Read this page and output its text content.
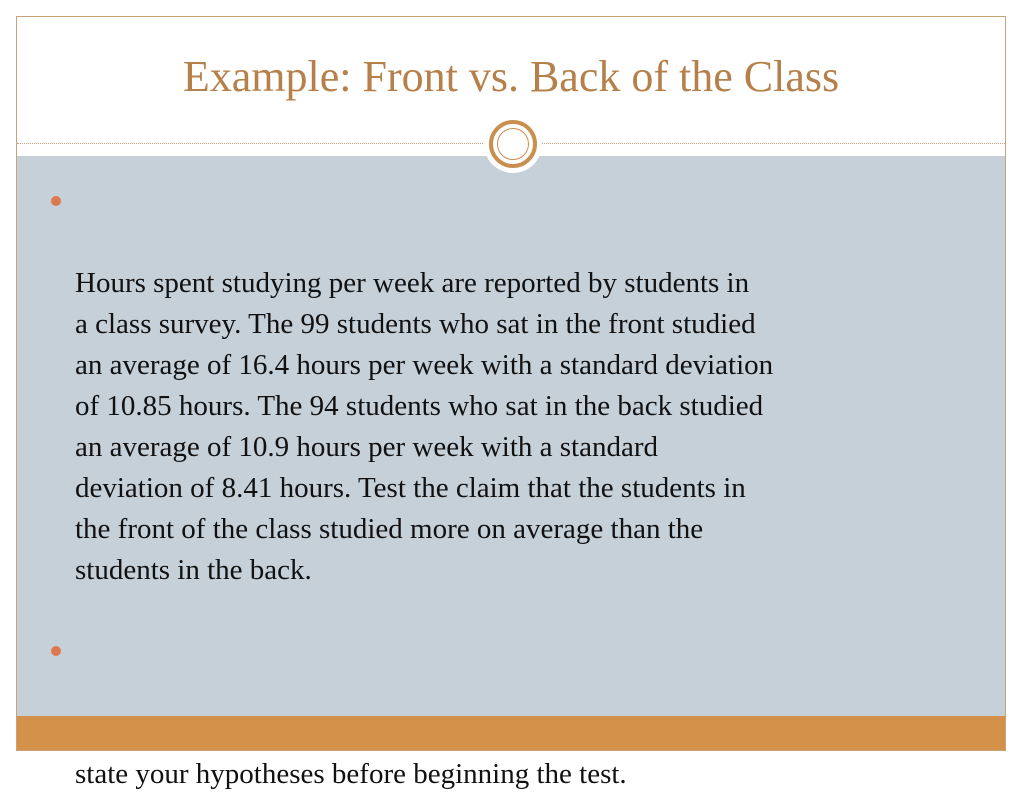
Example: Front vs. Back of the Class

Hours spent studying per week are reported by students in
a class survey. The 99 students who sat in the front studied
an average of 16.4 hours per week with a standard deviation
of 10.85 hours. The 94 students who sat in the back studied
an average of 10.9 hours per week with a standard
deviation of 8.41 hours. Test the claim that the students in
the front of the class studied more on average than the
students in the back.

state your hypotheses before beginning the test.
